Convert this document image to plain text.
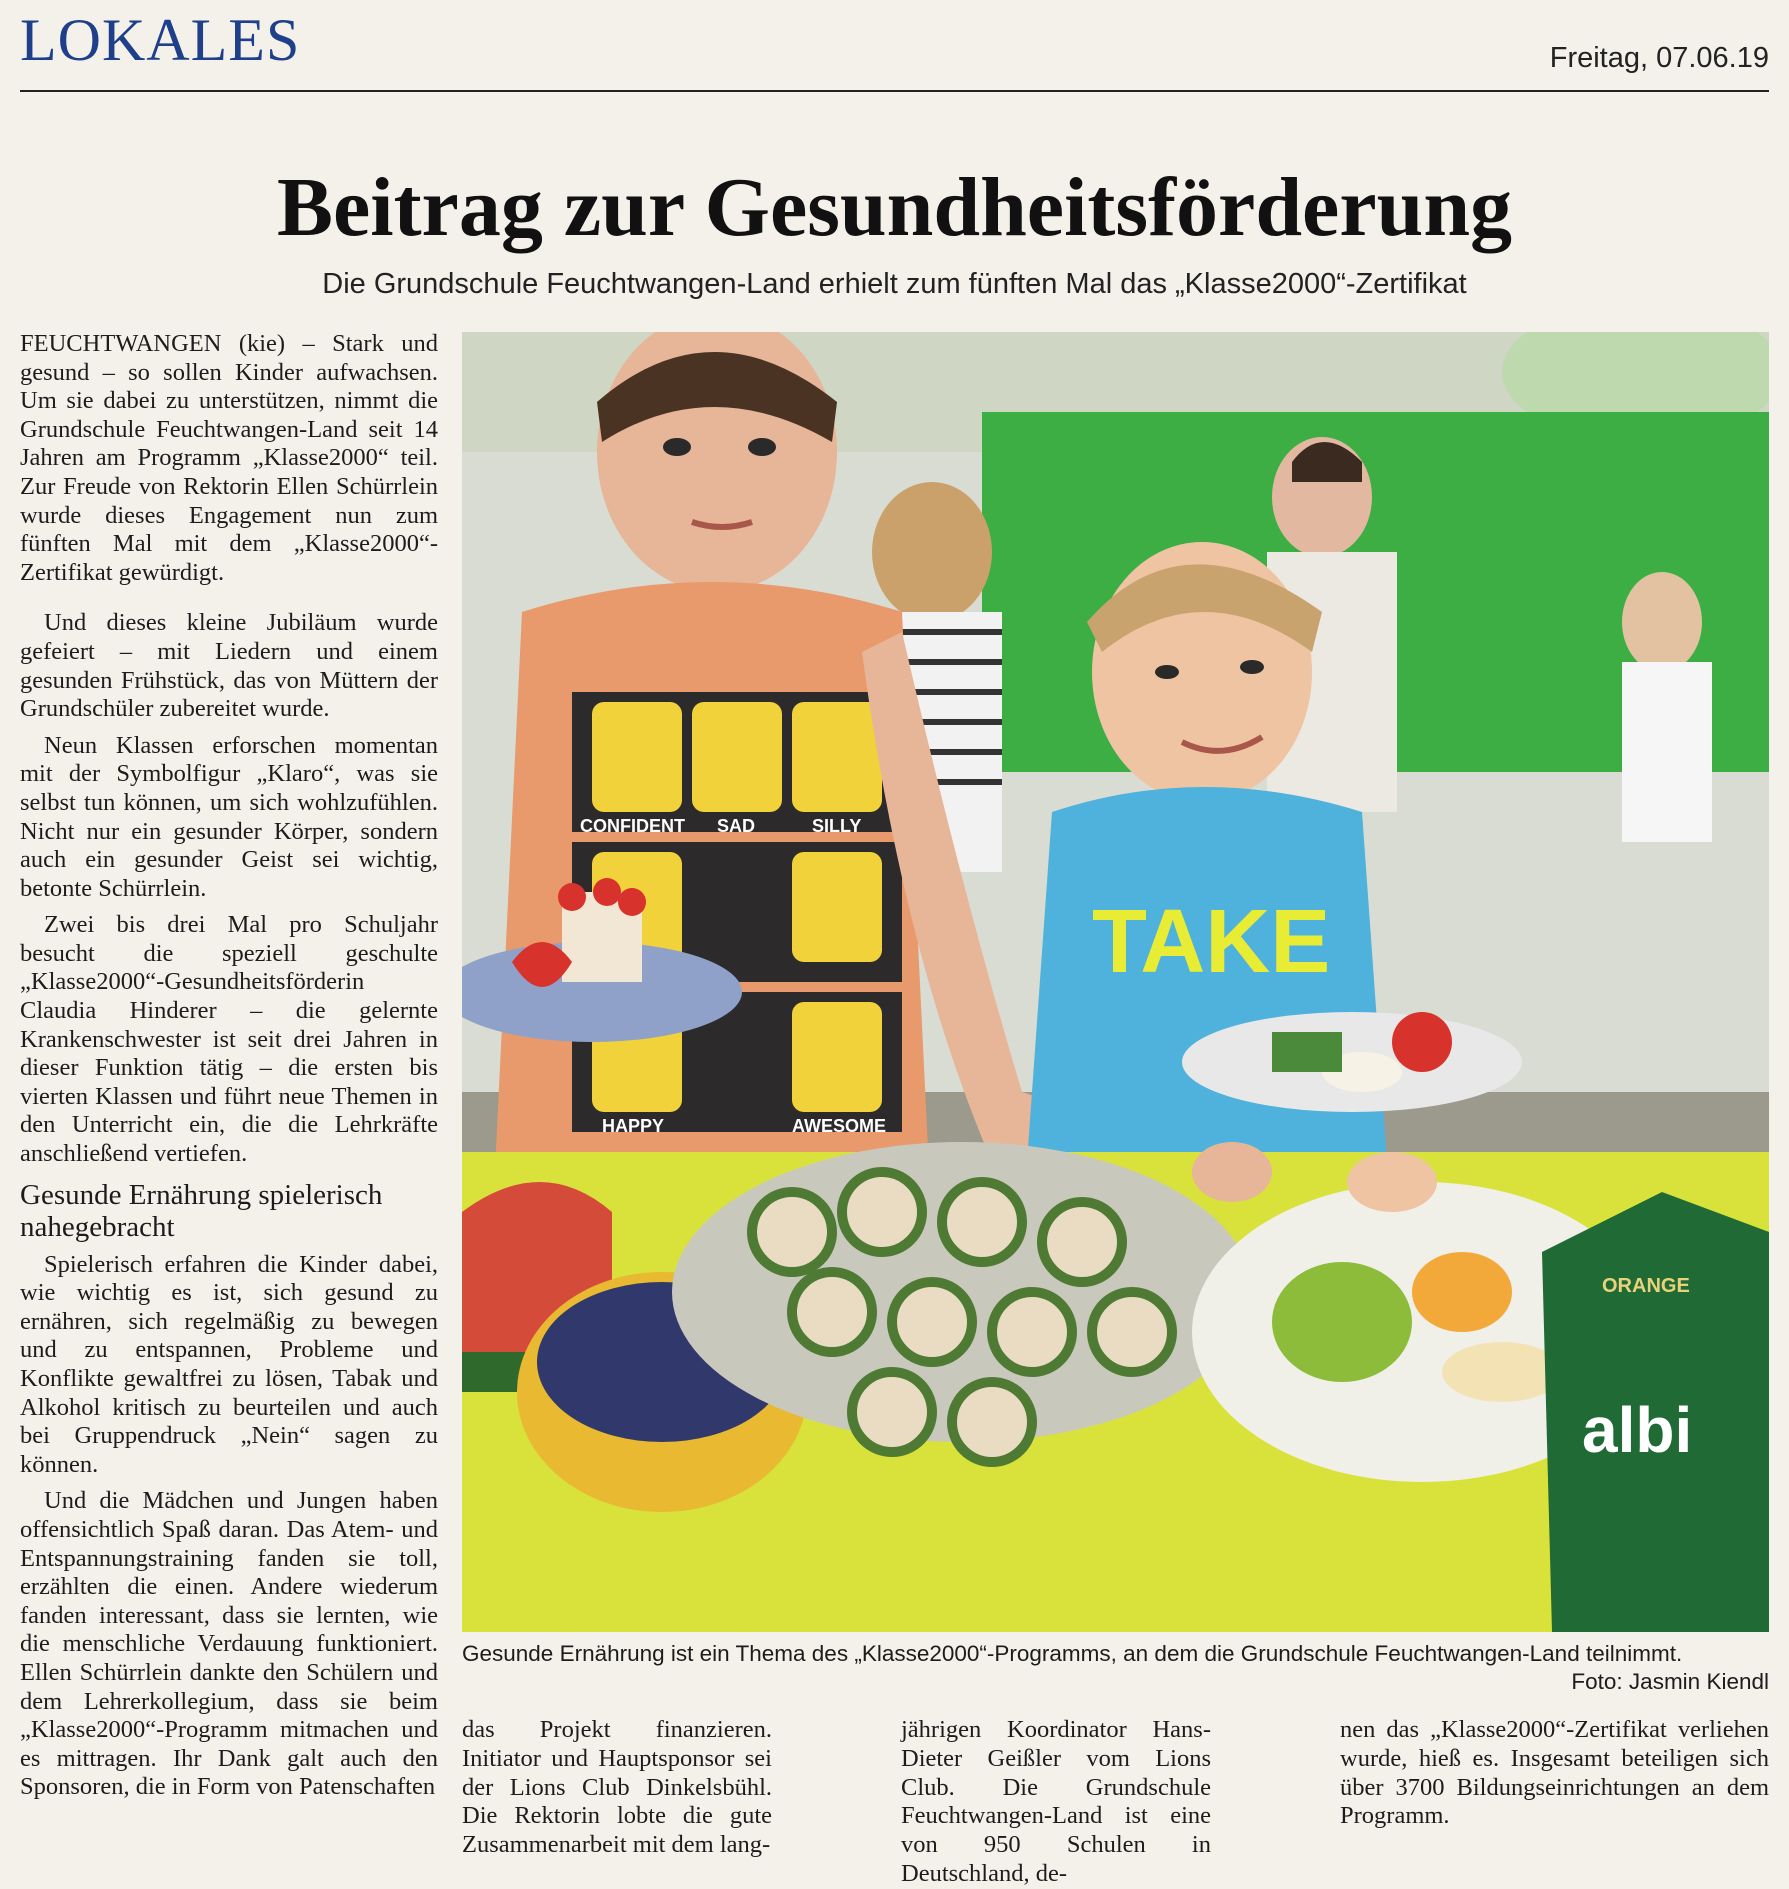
LOKALES	Freitag, 07.06.19
Beitrag zur Gesundheitsförderung
Die Grundschule Feuchtwangen-Land erhielt zum fünften Mal das „Klasse2000“-Zertifikat

FEUCHTWANGEN (kie) – Stark und gesund – so sollen Kinder aufwachsen. Um sie dabei zu unterstützen, nimmt die Grundschule Feuchtwangen-Land seit 14 Jahren am Programm „Klasse2000“ teil. Zur Freude von Rektorin Ellen Schürrlein wurde dieses Engagement nun zum fünften Mal mit dem „Klasse2000“-Zertifikat gewürdigt.

Und dieses kleine Jubiläum wurde gefeiert – mit Liedern und einem gesunden Frühstück, das von Müttern der Grundschüler zubereitet wurde.

Neun Klassen erforschen momentan mit der Symbolfigur „Klaro“, was sie selbst tun können, um sich wohlzufühlen. Nicht nur ein gesunder Körper, sondern auch ein gesunder Geist sei wichtig, betonte Schürrlein.

Zwei bis drei Mal pro Schuljahr besucht die speziell geschulte „Klasse2000“-Gesundheitsförderin Claudia Hinderer – die gelernte Krankenschwester ist seit drei Jahren in dieser Funktion tätig – die ersten bis vierten Klassen und führt neue Themen in den Unterricht ein, die die Lehrkräfte anschließend vertiefen.

Gesunde Ernährung spielerisch nahegebracht

Spielerisch erfahren die Kinder dabei, wie wichtig es ist, sich gesund zu ernähren, sich regelmäßig zu bewegen und zu entspannen, Probleme und Konflikte gewaltfrei zu lösen, Tabak und Alkohol kritisch zu beurteilen und auch bei Gruppendruck „Nein“ sagen zu können.

Und die Mädchen und Jungen haben offensichtlich Spaß daran. Das Atem- und Entspannungstraining fanden sie toll, erzählten die einen. Andere wiederum fanden interessant, dass sie lernten, wie die menschliche Verdauung funktioniert. Ellen Schürrlein dankte den Schülern und dem Lehrerkollegium, dass sie beim „Klasse2000“-Programm mitmachen und es mittragen. Ihr Dank galt auch den Sponsoren, die in Form von Patenschaften

CONFIDENT SAD	SILLY
HAPPY	AWESOME
TAKE
albi
ORANGE
Gesunde Ernährung ist ein Thema des „Klasse2000“-Programms, an dem die Grundschule Feuchtwangen-Land teilnimmt.
Foto: Jasmin Kiendl

das Projekt finanzieren. Initiator und Hauptsponsor sei der Lions Club Dinkelsbühl. Die Rektorin lobte die gute Zusammenarbeit mit dem lang-

jährigen Koordinator Hans-Dieter Geißler vom Lions Club. Die Grundschule Feuchtwangen-Land ist eine von 950 Schulen in Deutschland, de-

nen das „Klasse2000“-Zertifikat verliehen wurde, hieß es. Insgesamt beteiligen sich über 3700 Bildungseinrichtungen an dem Programm.
